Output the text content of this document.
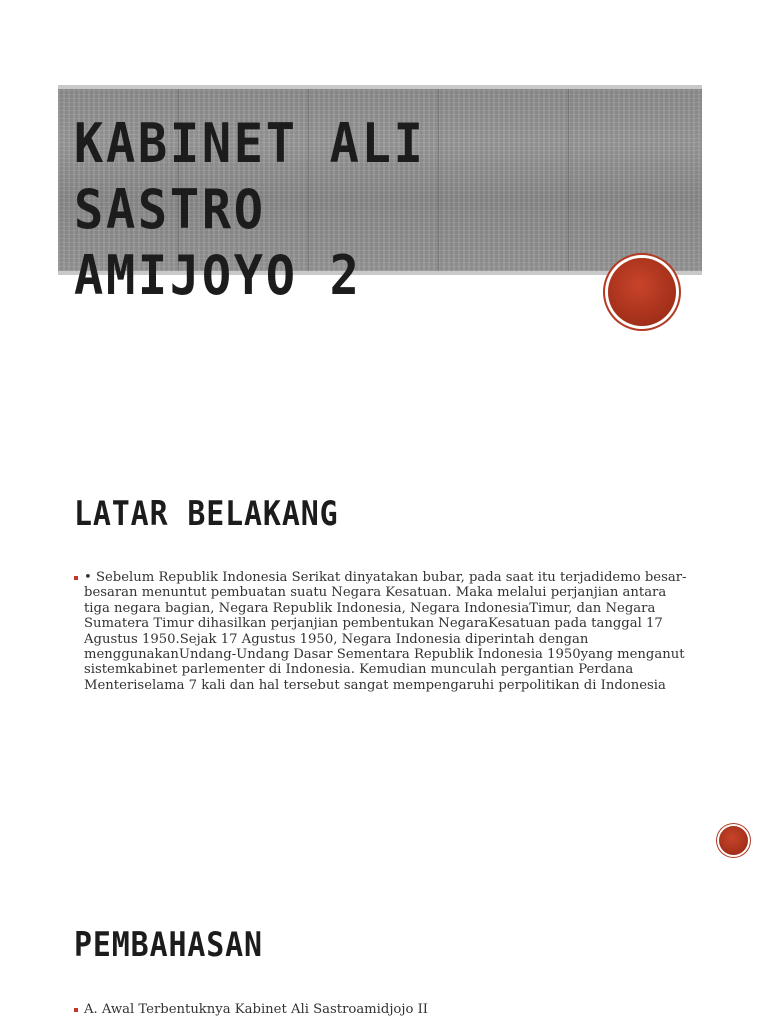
KABINET ALI SASTRO
AMIJOYO 2
LATAR BELAKANG
• Sebelum Republik Indonesia Serikat dinyatakan bubar, pada saat itu terjadidemo besar-besaran menuntut pembuatan suatu Negara Kesatuan. Maka melalui perjanjian antara tiga negara bagian, Negara Republik Indonesia, Negara IndonesiaTimur, dan Negara Sumatera Timur dihasilkan perjanjian pembentukan NegaraKesatuan pada tanggal 17 Agustus 1950.Sejak 17 Agustus 1950, Negara Indonesia diperintah dengan menggunakanUndang-Undang Dasar Sementara Republik Indonesia 1950yang menganut sistemkabinet parlementer di Indonesia. Kemudian munculah pergantian Perdana Menteriselama 7 kali dan hal tersebut sangat mempengaruhi perpolitikan di Indonesia
PEMBAHASAN
A. Awal Terbentuknya Kabinet Ali Sastroamidjojo II
